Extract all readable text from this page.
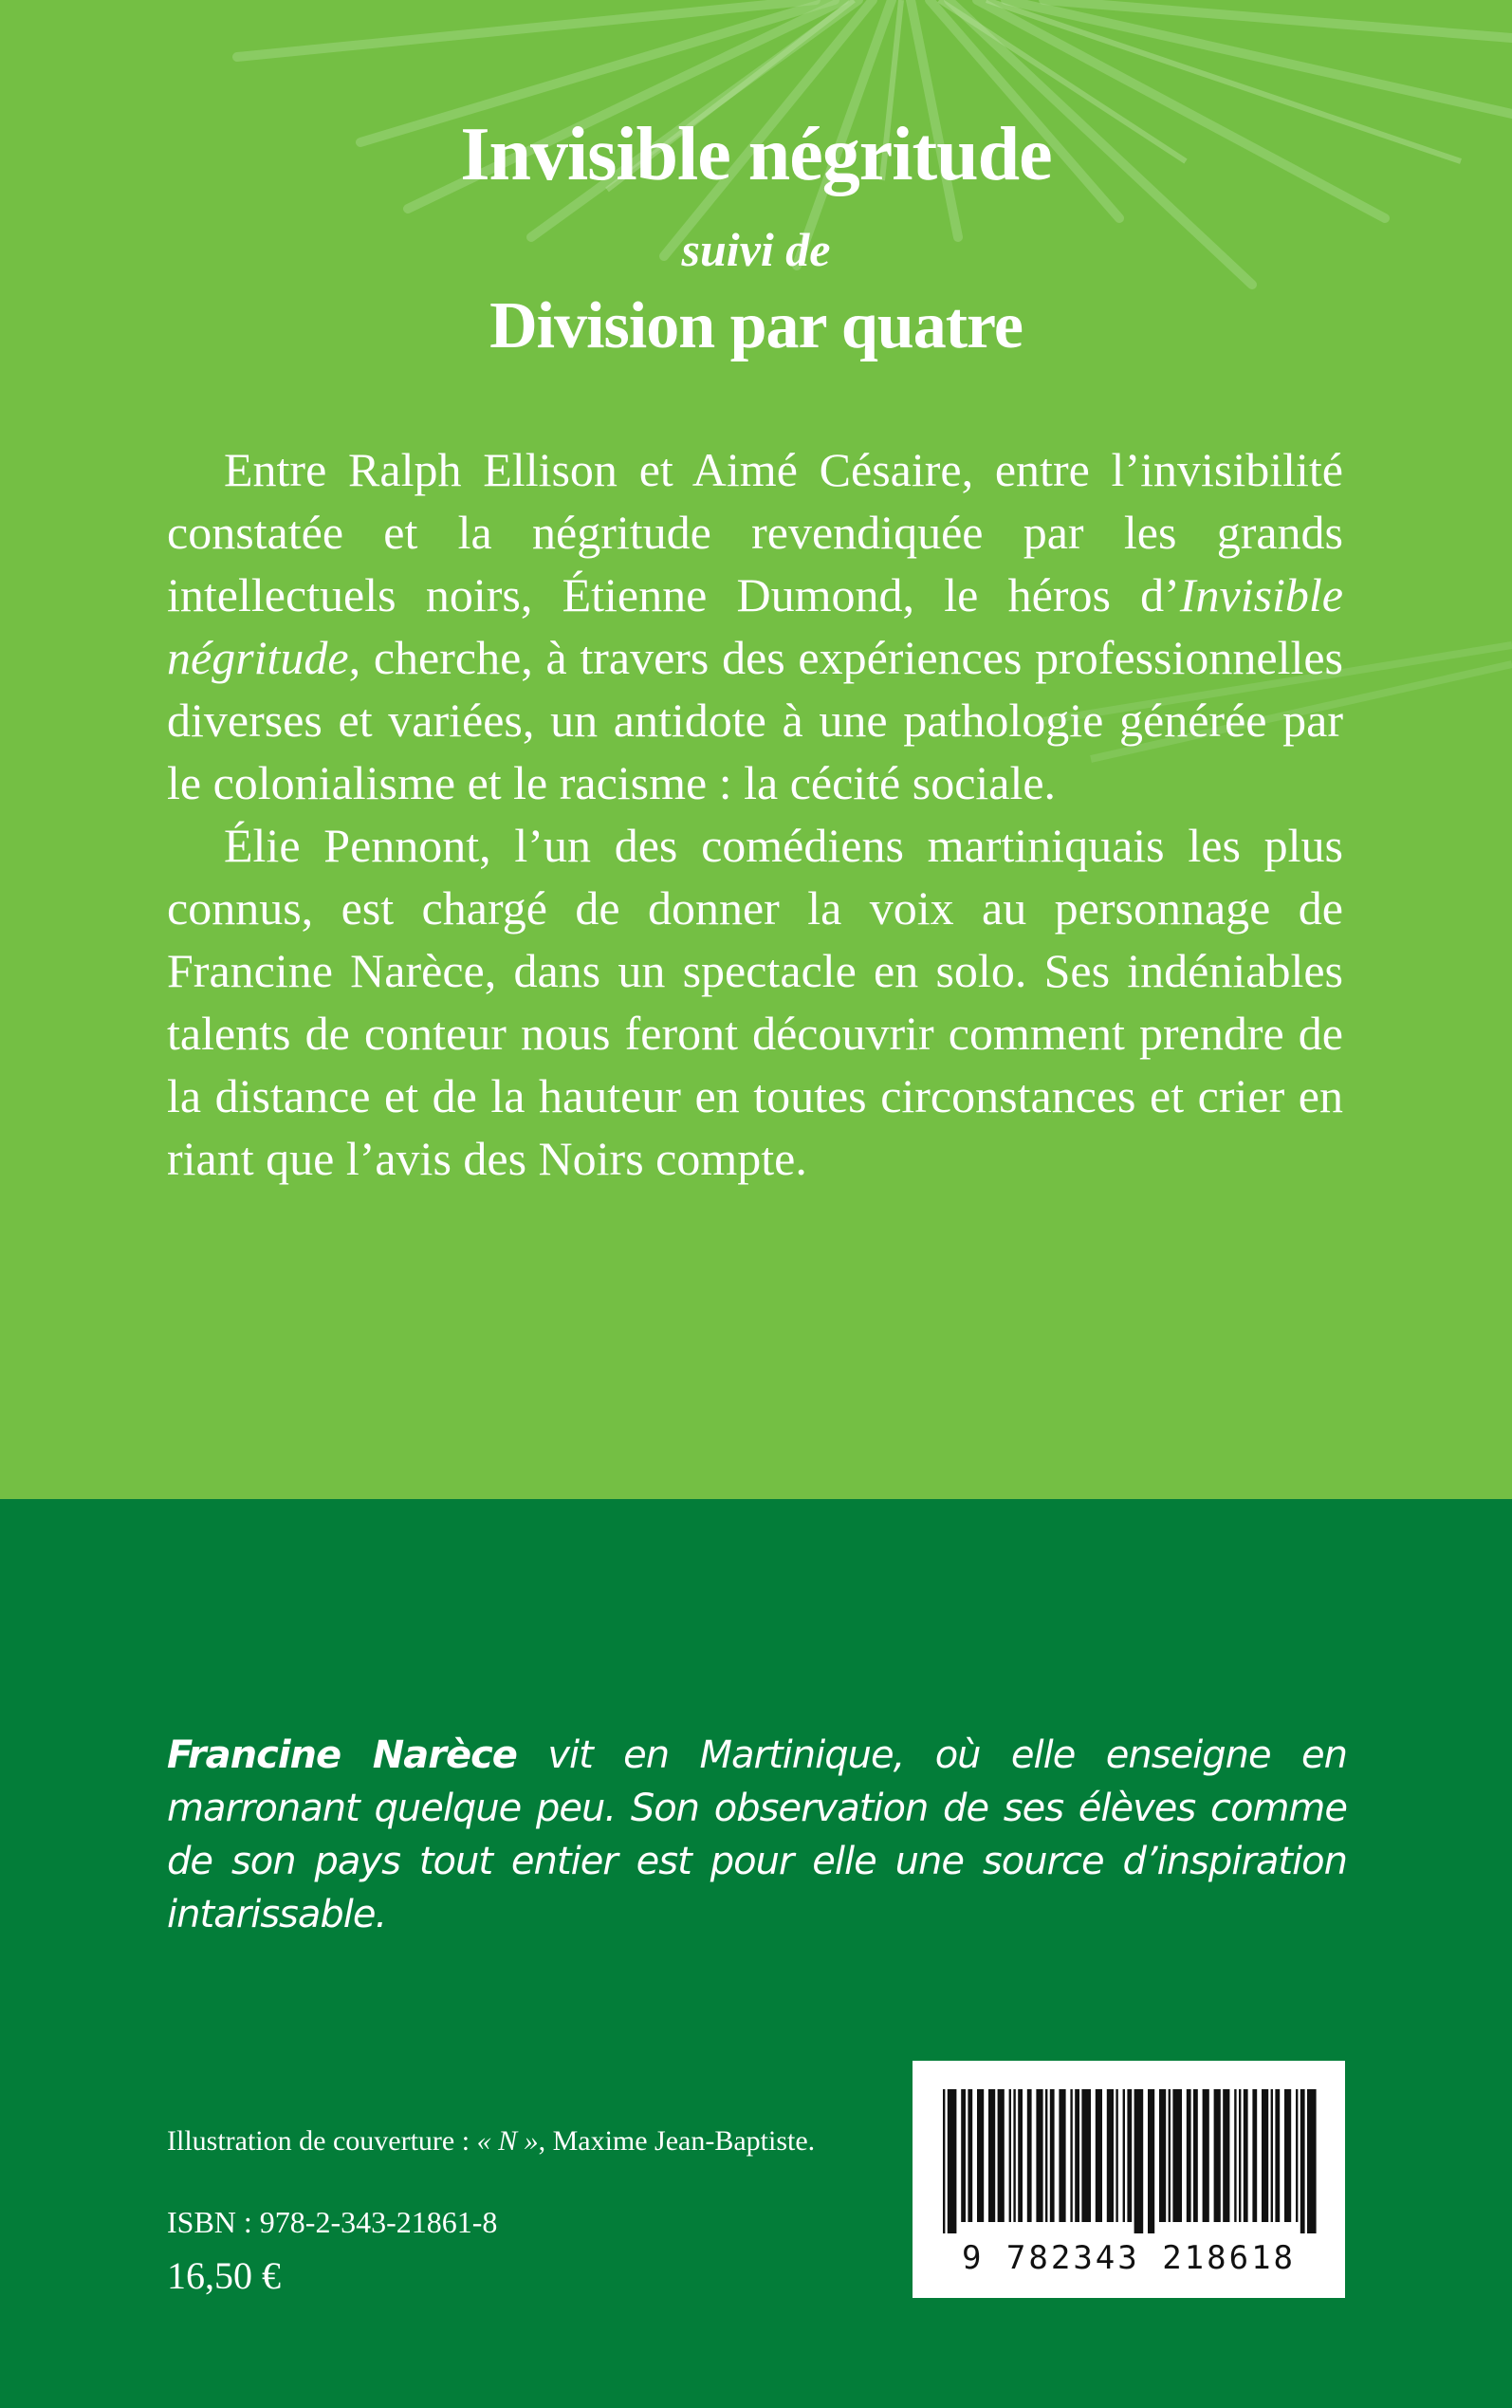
Invisible négritude
suivi de
Division par quatre

Entre Ralph Ellison et Aimé Césaire, entre l’invisibilité constatée et la négritude revendiquée par les grands intellectuels noirs, Étienne Dumond, le héros d’Invisible négritude, cherche, à travers des expériences professionnelles diverses et variées, un antidote à une pathologie générée par le colonialisme et le racisme : la cécité sociale.

Élie Pennont, l’un des comédiens martiniquais les plus connus, est chargé de donner la voix au personnage de Francine Narèce, dans un spectacle en solo. Ses indéniables talents de conteur nous feront découvrir comment prendre de la distance et de la hauteur en toutes circonstances et crier en riant que l’avis des Noirs compte.

Francine Narèce vit en Martinique, où elle enseigne en marronant quelque peu. Son observation de ses élèves comme de son pays tout entier est pour elle une source d’inspiration intarissable.

Illustration de couverture : « N », Maxime Jean-Baptiste.

ISBN : 978-2-343-21861-8

16,50 €	9 782343 218618
